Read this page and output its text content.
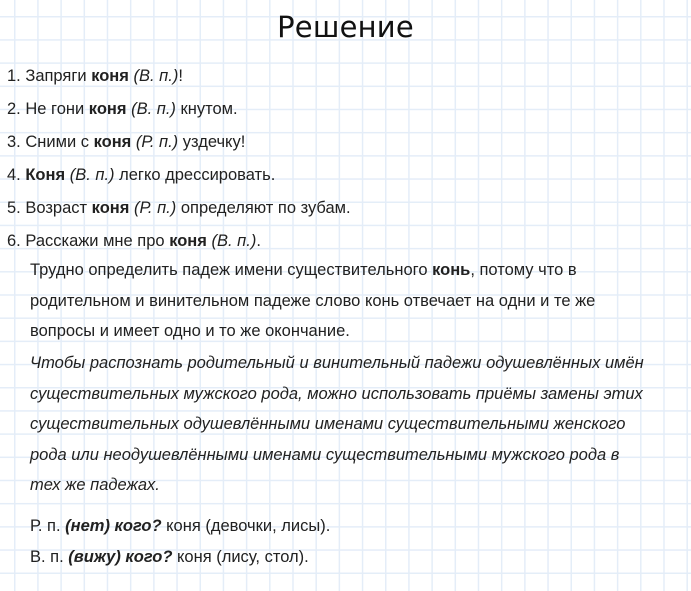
Решение
1. Запряги коня (В. п.)!
2. Не гони коня (В. п.) кнутом.
3. Сними с коня (Р. п.) уздечку!
4. Коня (В. п.) легко дрессировать.
5. Возраст коня (Р. п.) определяют по зубам.
6. Расскажи мне про коня (В. п.).
Трудно определить падеж имени существительного конь, потому что в
родительном и винительном падеже слово конь отвечает на одни и те же
вопросы и имеет одно и то же окончание.
Чтобы распознать родительный и винительный падежи одушевлённых имён
существительных мужского рода, можно использовать приёмы замены этих
существительных одушевлёнными именами существительными женского
рода или неодушевлёнными именами существительными мужского рода в
тех же падежах.
Р. п. (нет) кого? коня (девочки, лисы).
В. п. (вижу) кого? коня (лису, стол).
